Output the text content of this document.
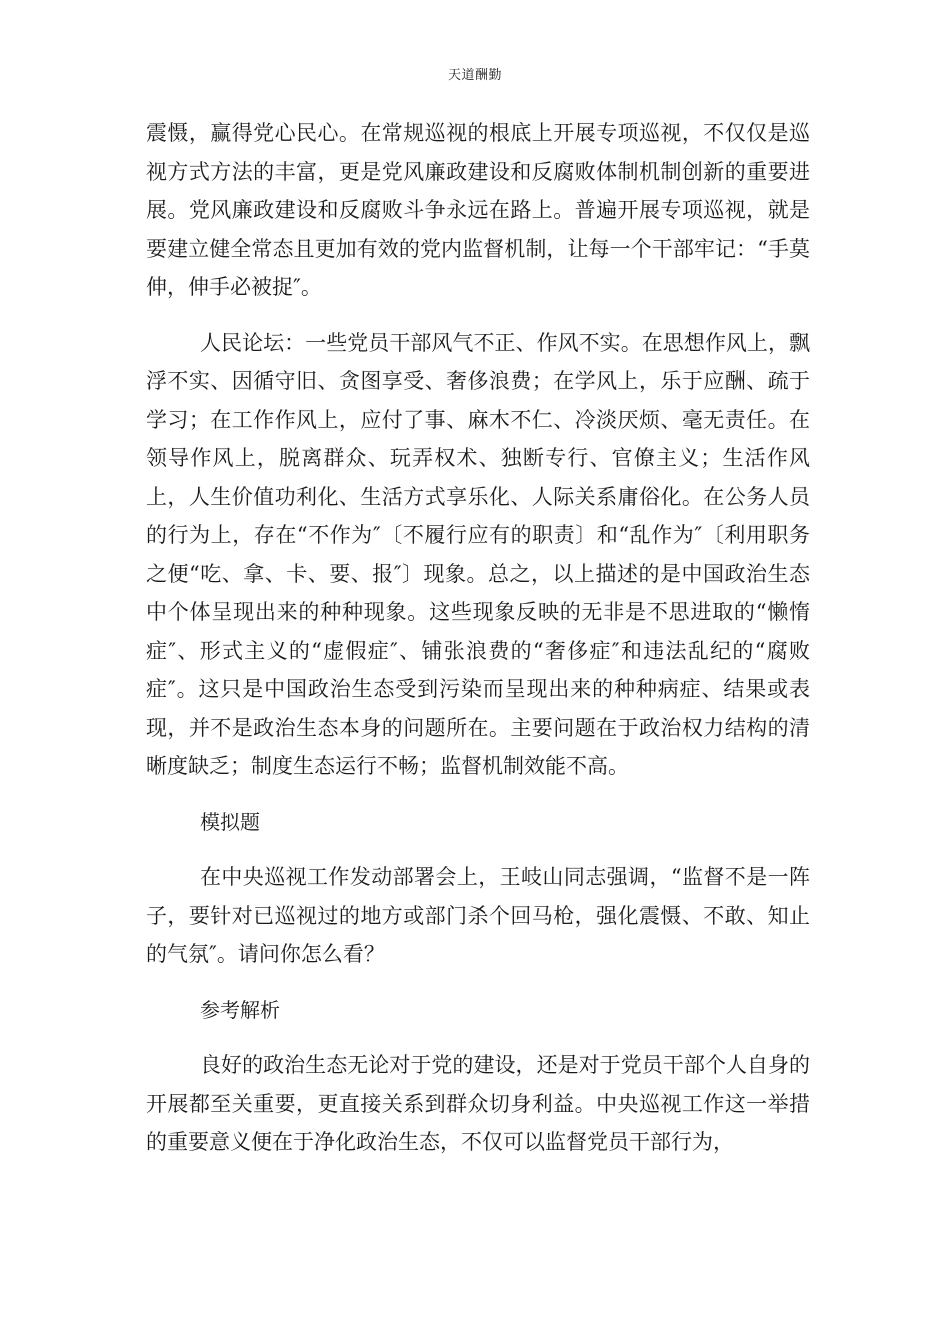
天道酬勤

震慑，赢得党心民心。在常规巡视的根底上开展专项巡视，不仅仅是巡视方式方法的丰富，更是党风廉政建设和反腐败体制机制创新的重要进展。党风廉政建设和反腐败斗争永远在路上。普遍开展专项巡视，就是要建立健全常态且更加有效的党内监督机制，让每一个干部牢记：“手莫伸，伸手必被捉″。

人民论坛：一些党员干部风气不正、作风不实。在思想作风上，飘浮不实、因循守旧、贪图享受、奢侈浪费；在学风上，乐于应酬、疏于学习；在工作作风上，应付了事、麻木不仁、冷淡厌烦、毫无责任。在领导作风上，脱离群众、玩弄权术、独断专行、官僚主义；生活作风上，人生价值功利化、生活方式享乐化、人际关系庸俗化。在公务人员的行为上，存在“不作为″〔不履行应有的职责〕和“乱作为″〔利用职务之便“吃、拿、卡、要、报″〕现象。总之，以上描述的是中国政治生态中个体呈现出来的种种现象。这些现象反映的无非是不思进取的“懒惰症″、形式主义的“虚假症″、铺张浪费的“奢侈症″和违法乱纪的“腐败症″。这只是中国政治生态受到污染而呈现出来的种种病症、结果或表现，并不是政治生态本身的问题所在。主要问题在于政治权力结构的清晰度缺乏；制度生态运行不畅；监督机制效能不高。

模拟题

在中央巡视工作发动部署会上，王岐山同志强调，“监督不是一阵子，要针对已巡视过的地方或部门杀个回马枪，强化震慑、不敢、知止的气氛″。请问你怎么看？

参考解析

良好的政治生态无论对于党的建设，还是对于党员干部个人自身的开展都至关重要，更直接关系到群众切身利益。中央巡视工作这一举措的重要意义便在于净化政治生态，不仅可以监督党员干部行为，
